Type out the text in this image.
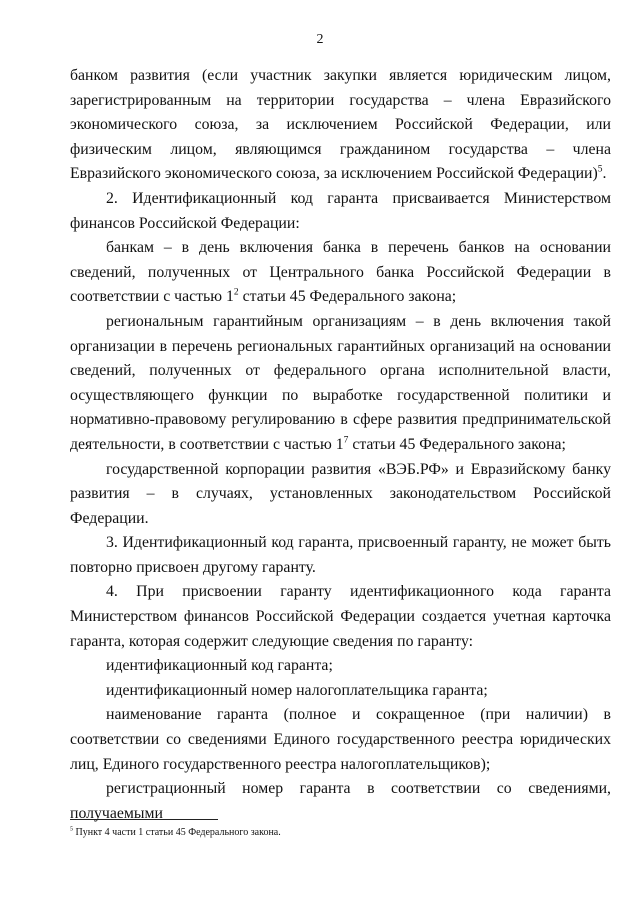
2

банком развития (если участник закупки является юридическим лицом, зарегистрированным на территории государства – члена Евразийского экономического союза, за исключением Российской Федерации, или физическим лицом, являющимся гражданином государства – члена Евразийского экономического союза, за исключением Российской Федерации)$^5$.

2. Идентификационный код гаранта присваивается Министерством финансов Российской Федерации:

банкам – в день включения банка в перечень банков на основании сведений, полученных от Центрального банка Российской Федерации в соответствии с частью $1^2$ статьи 45 Федерального закона;

региональным гарантийным организациям – в день включения такой организации в перечень региональных гарантийных организаций на основании сведений, полученных от федерального органа исполнительной власти, осуществляющего функции по выработке государственной политики и нормативно-правовому регулированию в сфере развития предпринимательской деятельности, в соответствии с частью $1^7$ статьи 45 Федерального закона;

государственной корпорации развития «ВЭБ.РФ» и Евразийскому банку развития – в случаях, установленных законодательством Российской Федерации.

3. Идентификационный код гаранта, присвоенный гаранту, не может быть повторно присвоен другому гаранту.

4. При присвоении гаранту идентификационного кода гаранта Министерством финансов Российской Федерации создается учетная карточка гаранта, которая содержит следующие сведения по гаранту:

идентификационный код гаранта;

идентификационный номер налогоплательщика гаранта;

наименование гаранта (полное и сокращенное (при наличии) в соответствии со сведениями Единого государственного реестра юридических лиц, Единого государственного реестра налогоплательщиков);

регистрационный номер гаранта в соответствии со сведениями, получаемыми

$^5$ Пункт 4 части 1 статьи 45 Федерального закона.
